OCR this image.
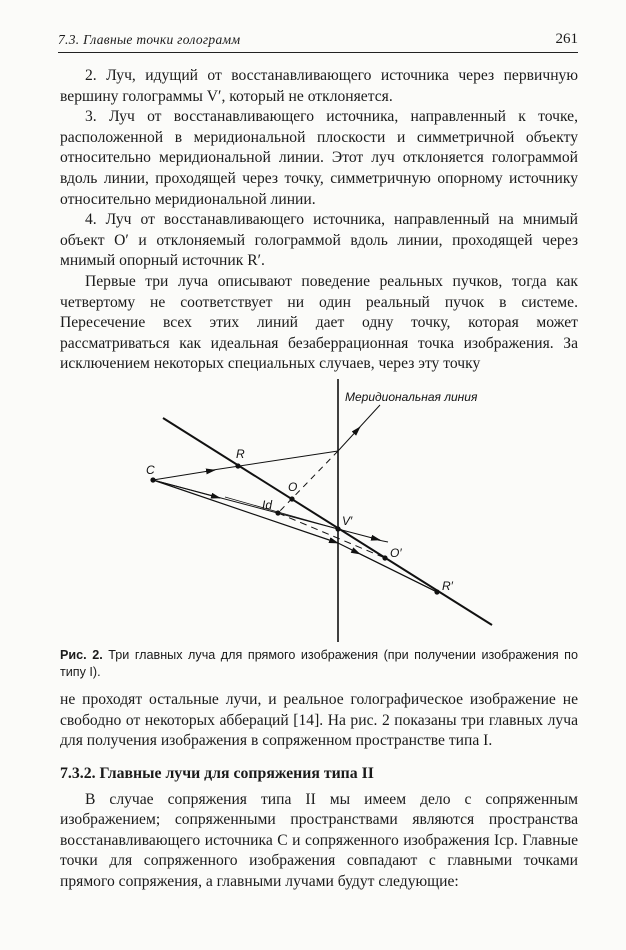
7.3. Главные точки голограмм	261

2. Луч, идущий от восстанавливающего источника через первичную вершину голограммы V′, который не отклоняется.

3. Луч от восстанавливающего источника, направленный к точке, расположенной в меридиональной плоскости и симметричной объекту относительно меридиональной линии. Этот луч отклоняется голограммой вдоль линии, проходящей через точку, симметричную опорному источнику относительно меридиональной линии.

4. Луч от восстанавливающего источника, направленный на мнимый объект O′ и отклоняемый голограммой вдоль линии, проходящей через мнимый опорный источник R′.

Первые три луча описывают поведение реальных пучков, тогда как четвертому не соответствует ни один реальный пучок в системе. Пересечение всех этих линий дает одну точку, которая может рассматриваться как идеальная безаберрационная точка изображения. За исключением некоторых специальных случаев, через эту точку

Меридиональная линия
C
R
O
Id
V′
O′
R′
Рис. 2. Три главных луча для прямого изображения (при получении изображения по типу I).

не проходят остальные лучи, и реальное голографическое изображение не свободно от некоторых аббераций [14]. На рис. 2 показаны три главных луча для получения изображения в сопряженном пространстве типа I.

7.3.2. Главные лучи для сопряжения типа II

В случае сопряжения типа II мы имеем дело с сопряженным изображением; сопряженными пространствами являются пространства восстанавливающего источника C и сопряженного изображения Icp. Главные точки для сопряженного изображения совпадают с главными точками прямого сопряжения, а главными лучами будут следующие:
